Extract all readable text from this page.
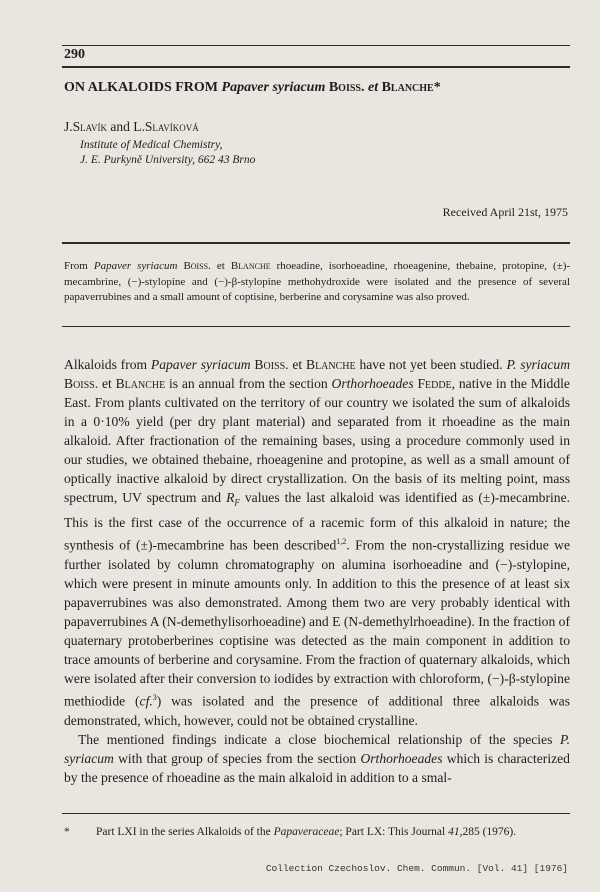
290
ON ALKALOIDS FROM Papaver syriacum Boiss. et Blanche*
J.Slavík and L.Slavíková
Institute of Medical Chemistry,
J. E. Purkyně University, 662 43 Brno
Received April 21st, 1975
From Papaver syriacum Boiss. et Blanche rhoeadine, isorhoeadine, rhoeagenine, thebaine, protopine, (±)-mecambrine, (−)-stylopine and (−)-β-stylopine methohydroxide were isolated and the presence of several papaverrubines and a small amount of coptisine, berberine and corysamine was also proved.

Alkaloids from Papaver syriacum Boiss. et Blanche have not yet been studied. P. syriacum Boiss. et Blanche is an annual from the section Orthorhoeades Fedde, native in the Middle East. From plants cultivated on the territory of our country we isolated the sum of alkaloids in a 0·10% yield (per dry plant material) and separated from it rhoeadine as the main alkaloid. After fractionation of the remaining bases, using a procedure commonly used in our studies, we obtained thebaine, rhoeagenine and protopine, as well as a small amount of optically inactive alkaloid by direct crystallization. On the basis of its melting point, mass spectrum, UV spectrum and $R_F$ values the last alkaloid was identified as (±)-mecambrine. This is the first case of the occurrence of a racemic form of this alkaloid in nature; the synthesis of (±)-mecambrine has been described$^{1,2}$. From the non-crystallizing residue we further isolated by column chromatography on alumina isorhoeadine and (−)-stylopine, which were present in minute amounts only. In addition to this the presence of at least six papaverrubines was also demonstrated. Among them two are very probably identical with papaverrubines A (N-demethylisorhoeadine) and E (N-demethylrhoeadine). In the fraction of quaternary protoberberines coptisine was detected as the main component in addition to trace amounts of berberine and corysamine. From the fraction of quaternary alkaloids, which were isolated after their conversion to iodides by extraction with chloroform, (−)-β-stylopine methiodide (cf.$^3$) was isolated and the presence of additional three alkaloids was demonstrated, which, however, could not be obtained crystalline.

The mentioned findings indicate a close biochemical relationship of the species P. syriacum with that group of species from the section Orthorhoeades which is characterized by the presence of rhoeadine as the main alkaloid in addition to a smal-

* Part LXI in the series Alkaloids of the Papaveraceae; Part LX: This Journal 41,285 (1976).
Collection Czechoslov. Chem. Commun. [Vol. 41] [1976]
